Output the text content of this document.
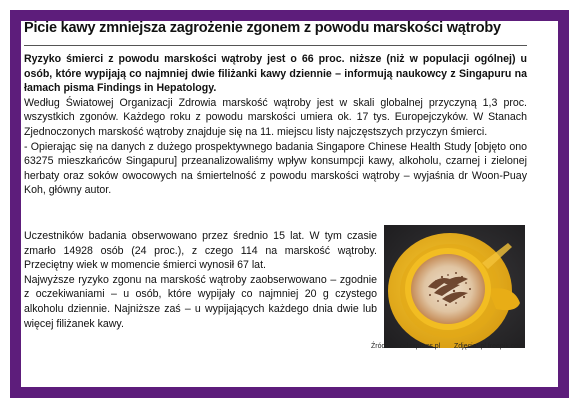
Picie kawy zmniejsza zagrożenie zgonem z powodu marskości wątroby

Ryzyko śmierci z powodu marskości wątroby jest o 66 proc. niższe (niż w populacji ogólnej) u osób, które wypijają co najmniej dwie filiżanki kawy dziennie – informują naukowcy z Singapuru na łamach pisma Findings in Hepatology.

Według Światowej Organizacji Zdrowia marskość wątroby jest w skali globalnej przyczyną 1,3 proc. wszystkich zgonów. Każdego roku z powodu marskości umiera ok. 17 tys. Europejczyków. W Stanach Zjednoczonych marskość wątroby znajduje się na 11. miejscu listy najczęstszych przyczyn śmierci.

- Opierając się na danych z dużego prospektywnego badania Singapore Chinese Health Study [objęto ono 63275 mieszkańców Singapuru] przeanalizowaliśmy wpływ konsumpcji kawy, alkoholu, czarnej i zielonej herbaty oraz soków owocowych na śmiertelność z powodu marskości wątroby – wyjaśnia dr Woon-Puay Koh, główny autor.

Uczestników badania obserwowano przez średnio 15 lat. W tym czasie zmarło 14928 osób (24 proc.), z czego 114 na marskość wątroby. Przeciętny wiek w momencie śmierci wynosił 67 lat.

Najwyższe ryzyko zgonu na marskość wątroby zaobserwowano – zgodnie z oczekiwaniami – u osób, które wypijały co najmniej 20 g czystego alkoholu dziennie. Najniższe zaś – u wypijających każdego dnia dwie lub więcej filiżanek kawy.

Źródło: medexpress.pl Zdjęcia: pl.freepik.com
